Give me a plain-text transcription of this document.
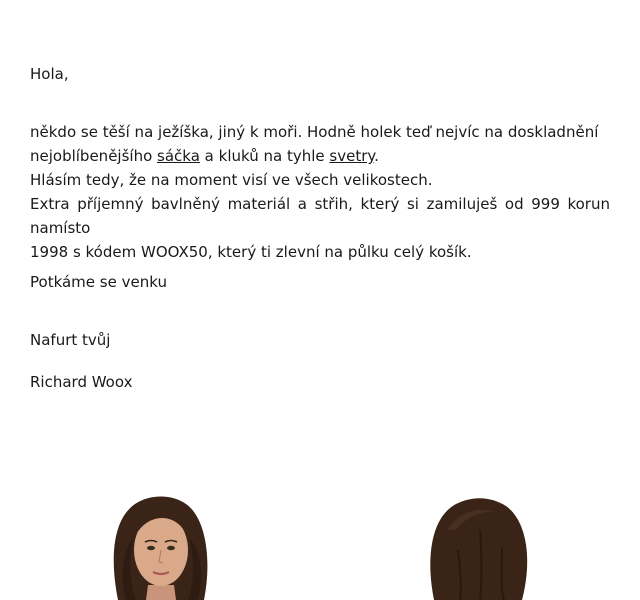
Hola,

někdo se těší na ježíška, jiný k moři. Hodně holek teď nejvíc na doskladnění
nejoblíbenějšího sáčka a kluků na tyhle svetry.
Hlásím tedy, že na moment visí ve všech velikostech.
Extra příjemný bavlněný materiál a střih, který si zamiluješ od 999 korun namísto
1998 s kódem WOOX50, který ti zlevní na půlku celý košík.

Potkáme se venku

Nafurt tvůj

Richard Woox
